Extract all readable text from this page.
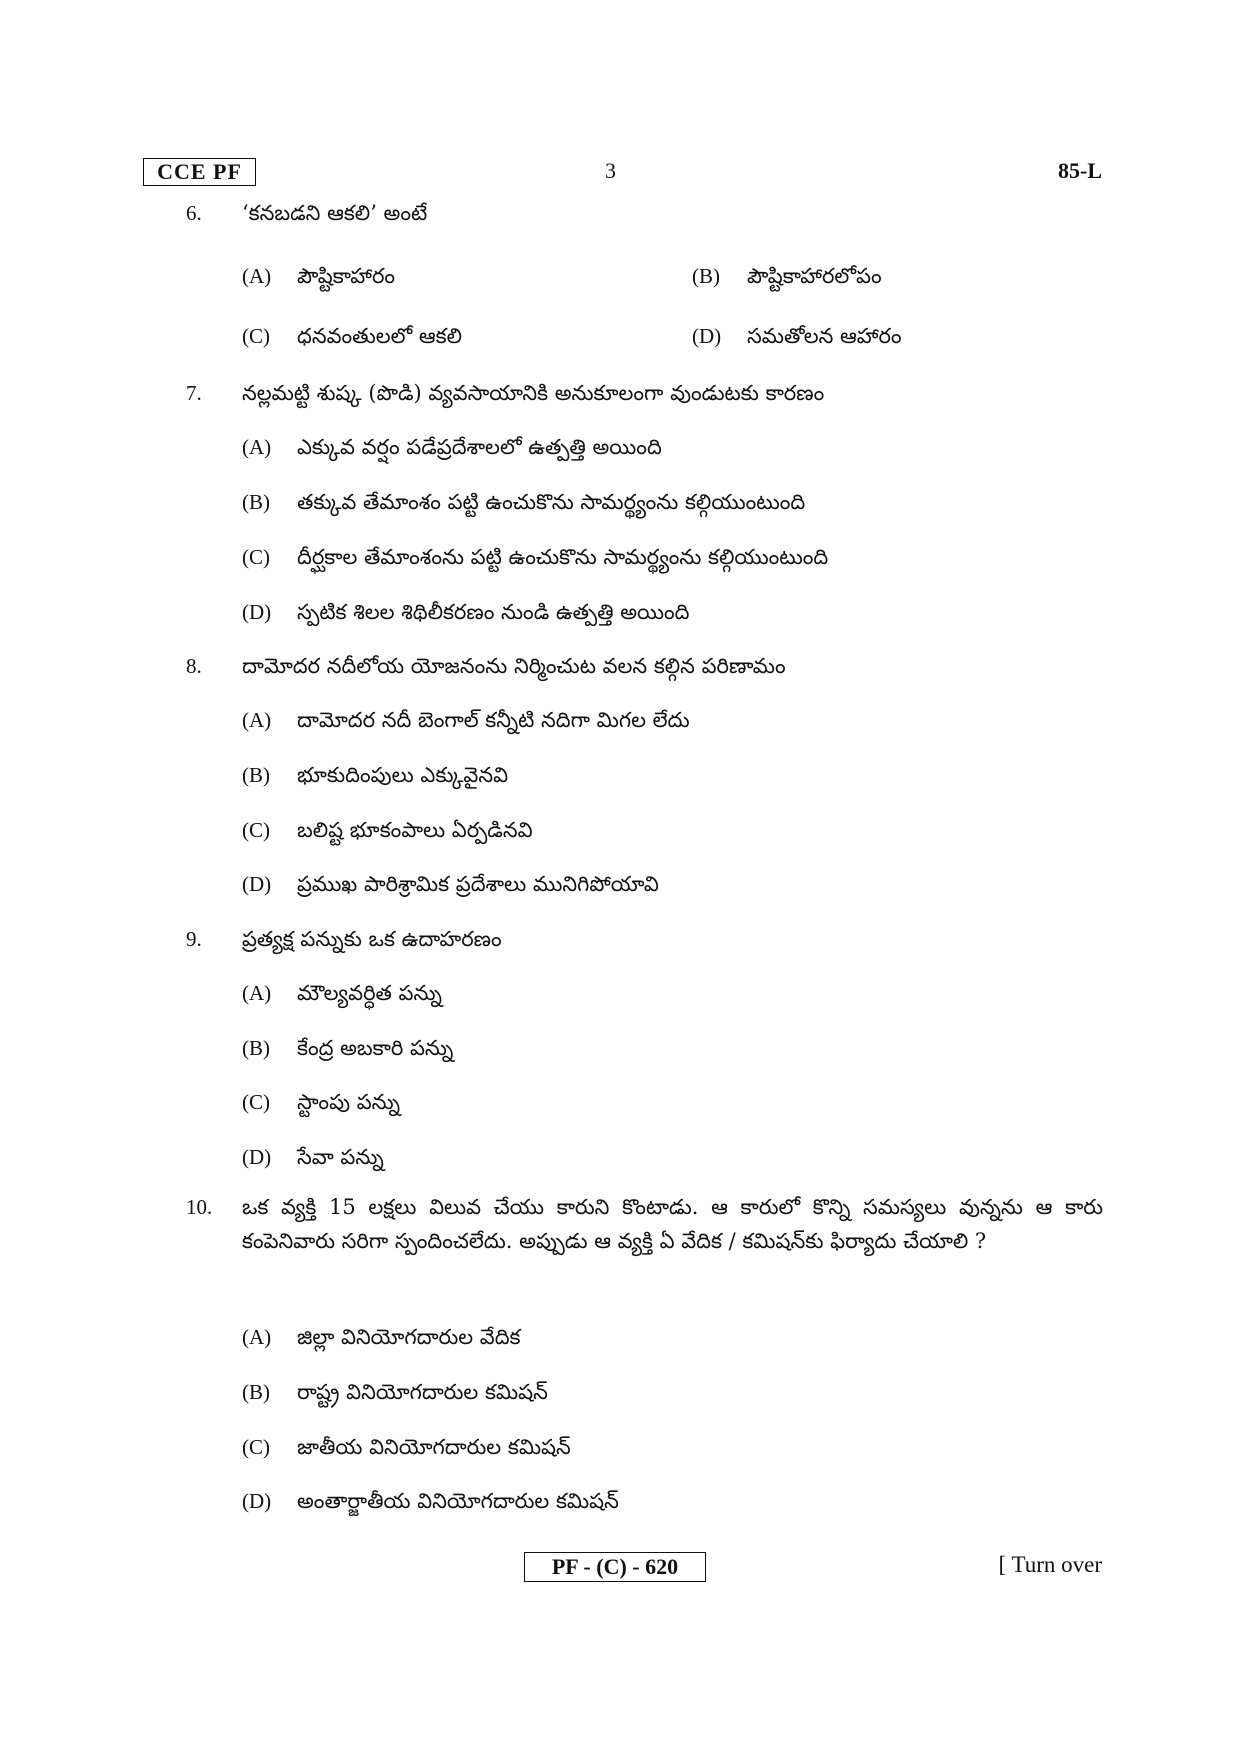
CCE PF	3	85-L
6. ‘కనబడని ఆకలి’ అంటే
(A) పౌష్టికాహారం	(B) పౌష్టికాహారలోపం
(C) ధనవంతులలో ఆకలి	(D) సమతోలన ఆహారం
7. నల్లమట్టి శుష్క (పొడి) వ్యవసాయానికి అనుకూలంగా వుండుటకు కారణం
(A) ఎక్కువ వర్షం పడేప్రదేశాలలో ఉత్పత్తి అయింది
(B) తక్కువ తేమాంశం పట్టి ఉంచుకొను సామర్థ్యంను కల్గియుంటుంది
(C) దీర్ఘకాల తేమాంశంను పట్టి ఉంచుకొను సామర్థ్యంను కల్గియుంటుంది
(D) స్పటిక శిలల శిథిలీకరణం నుండి ఉత్పత్తి అయింది
8. దామోదర నదీలోయ యోజనంను నిర్మించుట వలన కల్గిన పరిణామం
(A) దామోదర నదీ బెంగాల్ కన్నీటి నదిగా మిగల లేదు
(B) భూకుదింపులు ఎక్కువైనవి
(C) బలిష్ట భూకంపాలు ఏర్పడినవి
(D) ప్రముఖ పారిశ్రామిక ప్రదేశాలు మునిగిపోయావి
9. ప్రత్యక్ష పన్నుకు ఒక ఉదాహరణం
(A) మౌల్యవర్ధిత పన్ను
(B) కేంద్ర అబకారి పన్ను
(C) స్టాంపు పన్ను
(D) సేవా పన్ను
10.	ఒక వ్యక్తి 15 లక్షలు విలువ చేయు కారుని కొంటాడు. ఆ కారులో కొన్ని సమస్యలు వున్నను ఆ కారు కంపెనివారు సరిగా స్పందించలేదు. అప్పుడు ఆ వ్యక్తి ఏ వేదిక / కమిషన్‌కు ఫిర్యాదు చేయాలి ?
(A) జిల్లా వినియోగదారుల వేదిక
(B) రాష్ట్ర వినియోగదారుల కమిషన్
(C) జాతీయ వినియోగదారుల కమిషన్
(D) అంతార్జాతీయ వినియోగదారుల కమిషన్
PF - (C) - 620	[ Turn over
